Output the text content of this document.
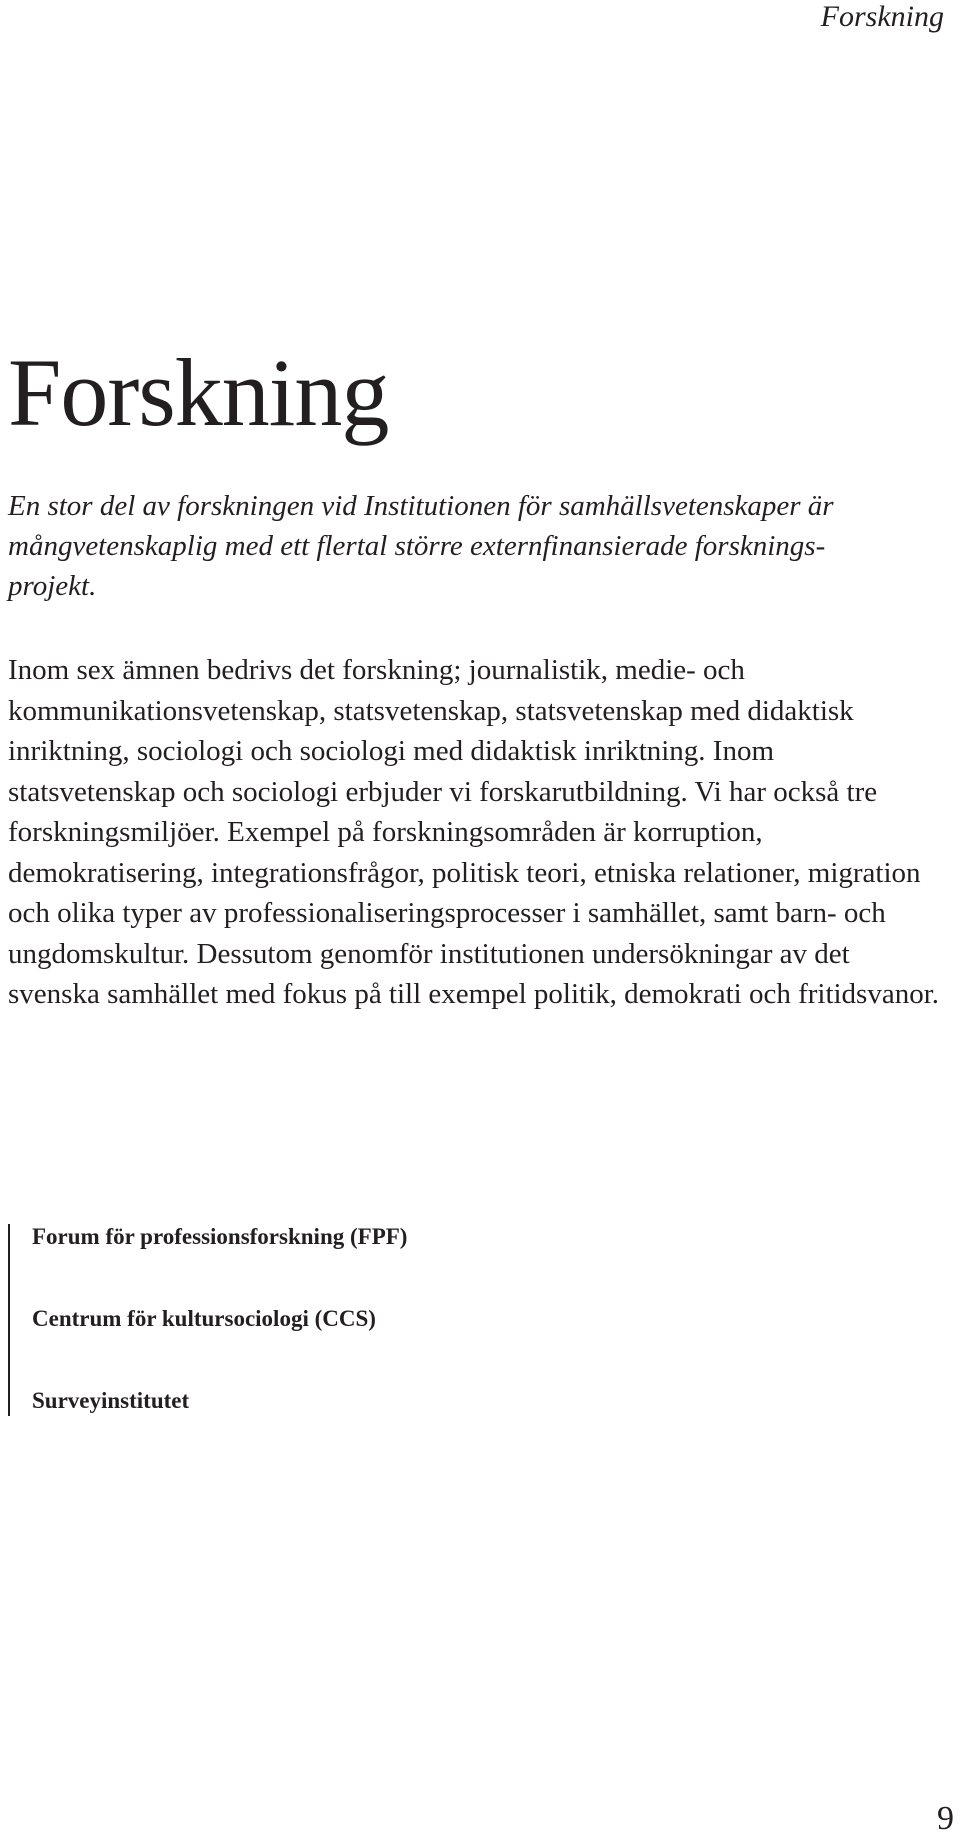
Forskning
Forskning

En stor del av forskningen vid Institutionen för samhällsvetenskaper är mångvetenskaplig med ett flertal större externfinansierade forsknings-projekt.

Inom sex ämnen bedrivs det forskning; journalistik, medie- och kommunikationsvetenskap, statsvetenskap, statsvetenskap med didaktisk inriktning, sociologi och sociologi med didaktisk inriktning. Inom statsvetenskap och sociologi erbjuder vi forskarutbildning. Vi har också tre forskningsmiljöer. Exempel på forskningsområden är korruption, demokratisering, integrationsfrågor, politisk teori, etniska relationer, migration och olika typer av professionaliseringsprocesser i samhället, samt barn- och ungdomskultur. Dessutom genomför institutionen undersökningar av det svenska samhället med fokus på till exempel politik, demokrati och fritidsvanor.

Forum för professionsforskning (FPF)
Centrum för kultursociologi (CCS)
Surveyinstitutet
9
